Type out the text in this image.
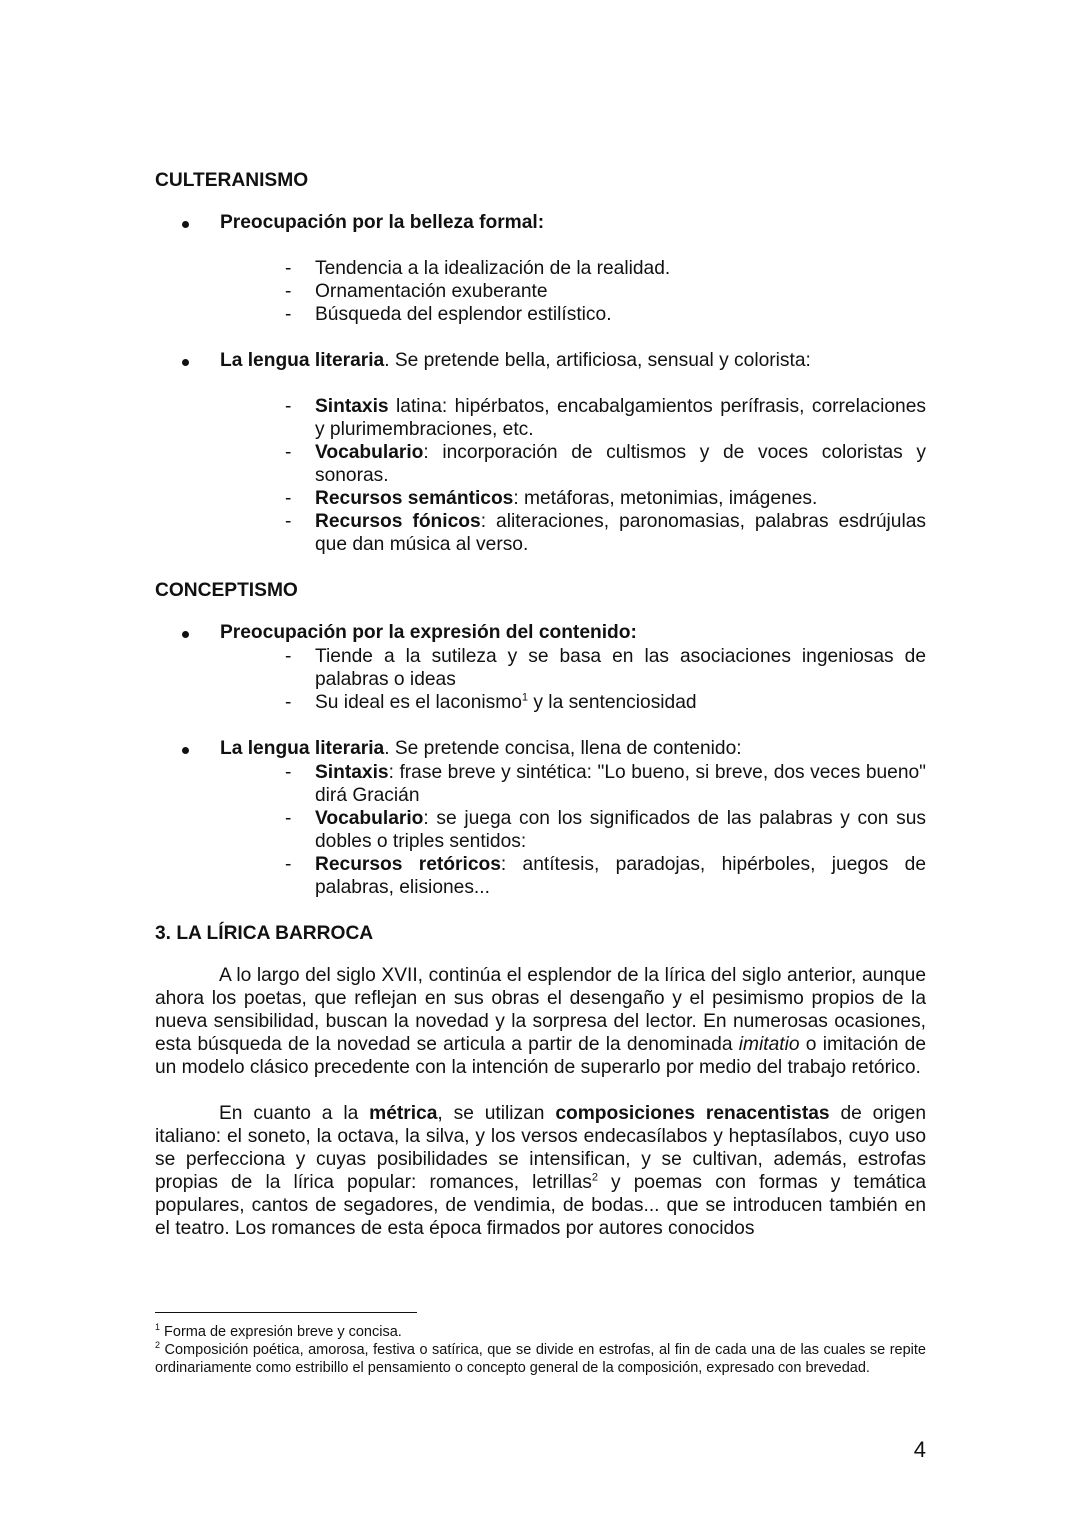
CULTERANISMO
Preocupación por la belleza formal:
- Tendencia a la idealización de la realidad.
- Ornamentación exuberante
- Búsqueda del esplendor estilístico.
La lengua literaria. Se pretende bella, artificiosa, sensual y colorista:
- Sintaxis latina: hipérbatos, encabalgamientos perífrasis, correlaciones y plurimembraciones, etc.
- Vocabulario: incorporación de cultismos y de voces coloristas y sonoras.
- Recursos semánticos: metáforas, metonimias, imágenes.
- Recursos fónicos: aliteraciones, paronomasias, palabras esdrújulas que dan música al verso.
CONCEPTISMO
Preocupación por la expresión del contenido:
- Tiende a la sutileza y se basa en las asociaciones ingeniosas de palabras o ideas
- Su ideal es el laconismo$^1$ y la sentenciosidad
La lengua literaria. Se pretende concisa, llena de contenido:
- Sintaxis: frase breve y sintética: "Lo bueno, si breve, dos veces bueno" dirá Gracián
- Vocabulario: se juega con los significados de las palabras y con sus dobles o triples sentidos:
- Recursos retóricos: antítesis, paradojas, hipérboles, juegos de palabras, elisiones...
3. LA LÍRICA BARROCA

A lo largo del siglo XVII, continúa el esplendor de la lírica del siglo anterior, aunque ahora los poetas, que reflejan en sus obras el desengaño y el pesimismo propios de la nueva sensibilidad, buscan la novedad y la sorpresa del lector. En numerosas ocasiones, esta búsqueda de la novedad se articula a partir de la denominada imitatio o imitación de un modelo clásico precedente con la intención de superarlo por medio del trabajo retórico.

En cuanto a la métrica, se utilizan composiciones renacentistas de origen italiano: el soneto, la octava, la silva, y los versos endecasílabos y heptasílabos, cuyo uso se perfecciona y cuyas posibilidades se intensifican, y se cultivan, además, estrofas propias de la lírica popular: romances, letrillas$^2$ y poemas con formas y temática populares, cantos de segadores, de vendimia, de bodas... que se introducen también en el teatro. Los romances de esta época firmados por autores conocidos

$^1$ Forma de expresión breve y concisa.
$^2$ Composición poética, amorosa, festiva o satírica, que se divide en estrofas, al fin de cada una de las cuales se repite ordinariamente como estribillo el pensamiento o concepto general de la composición, expresado con brevedad.
4
